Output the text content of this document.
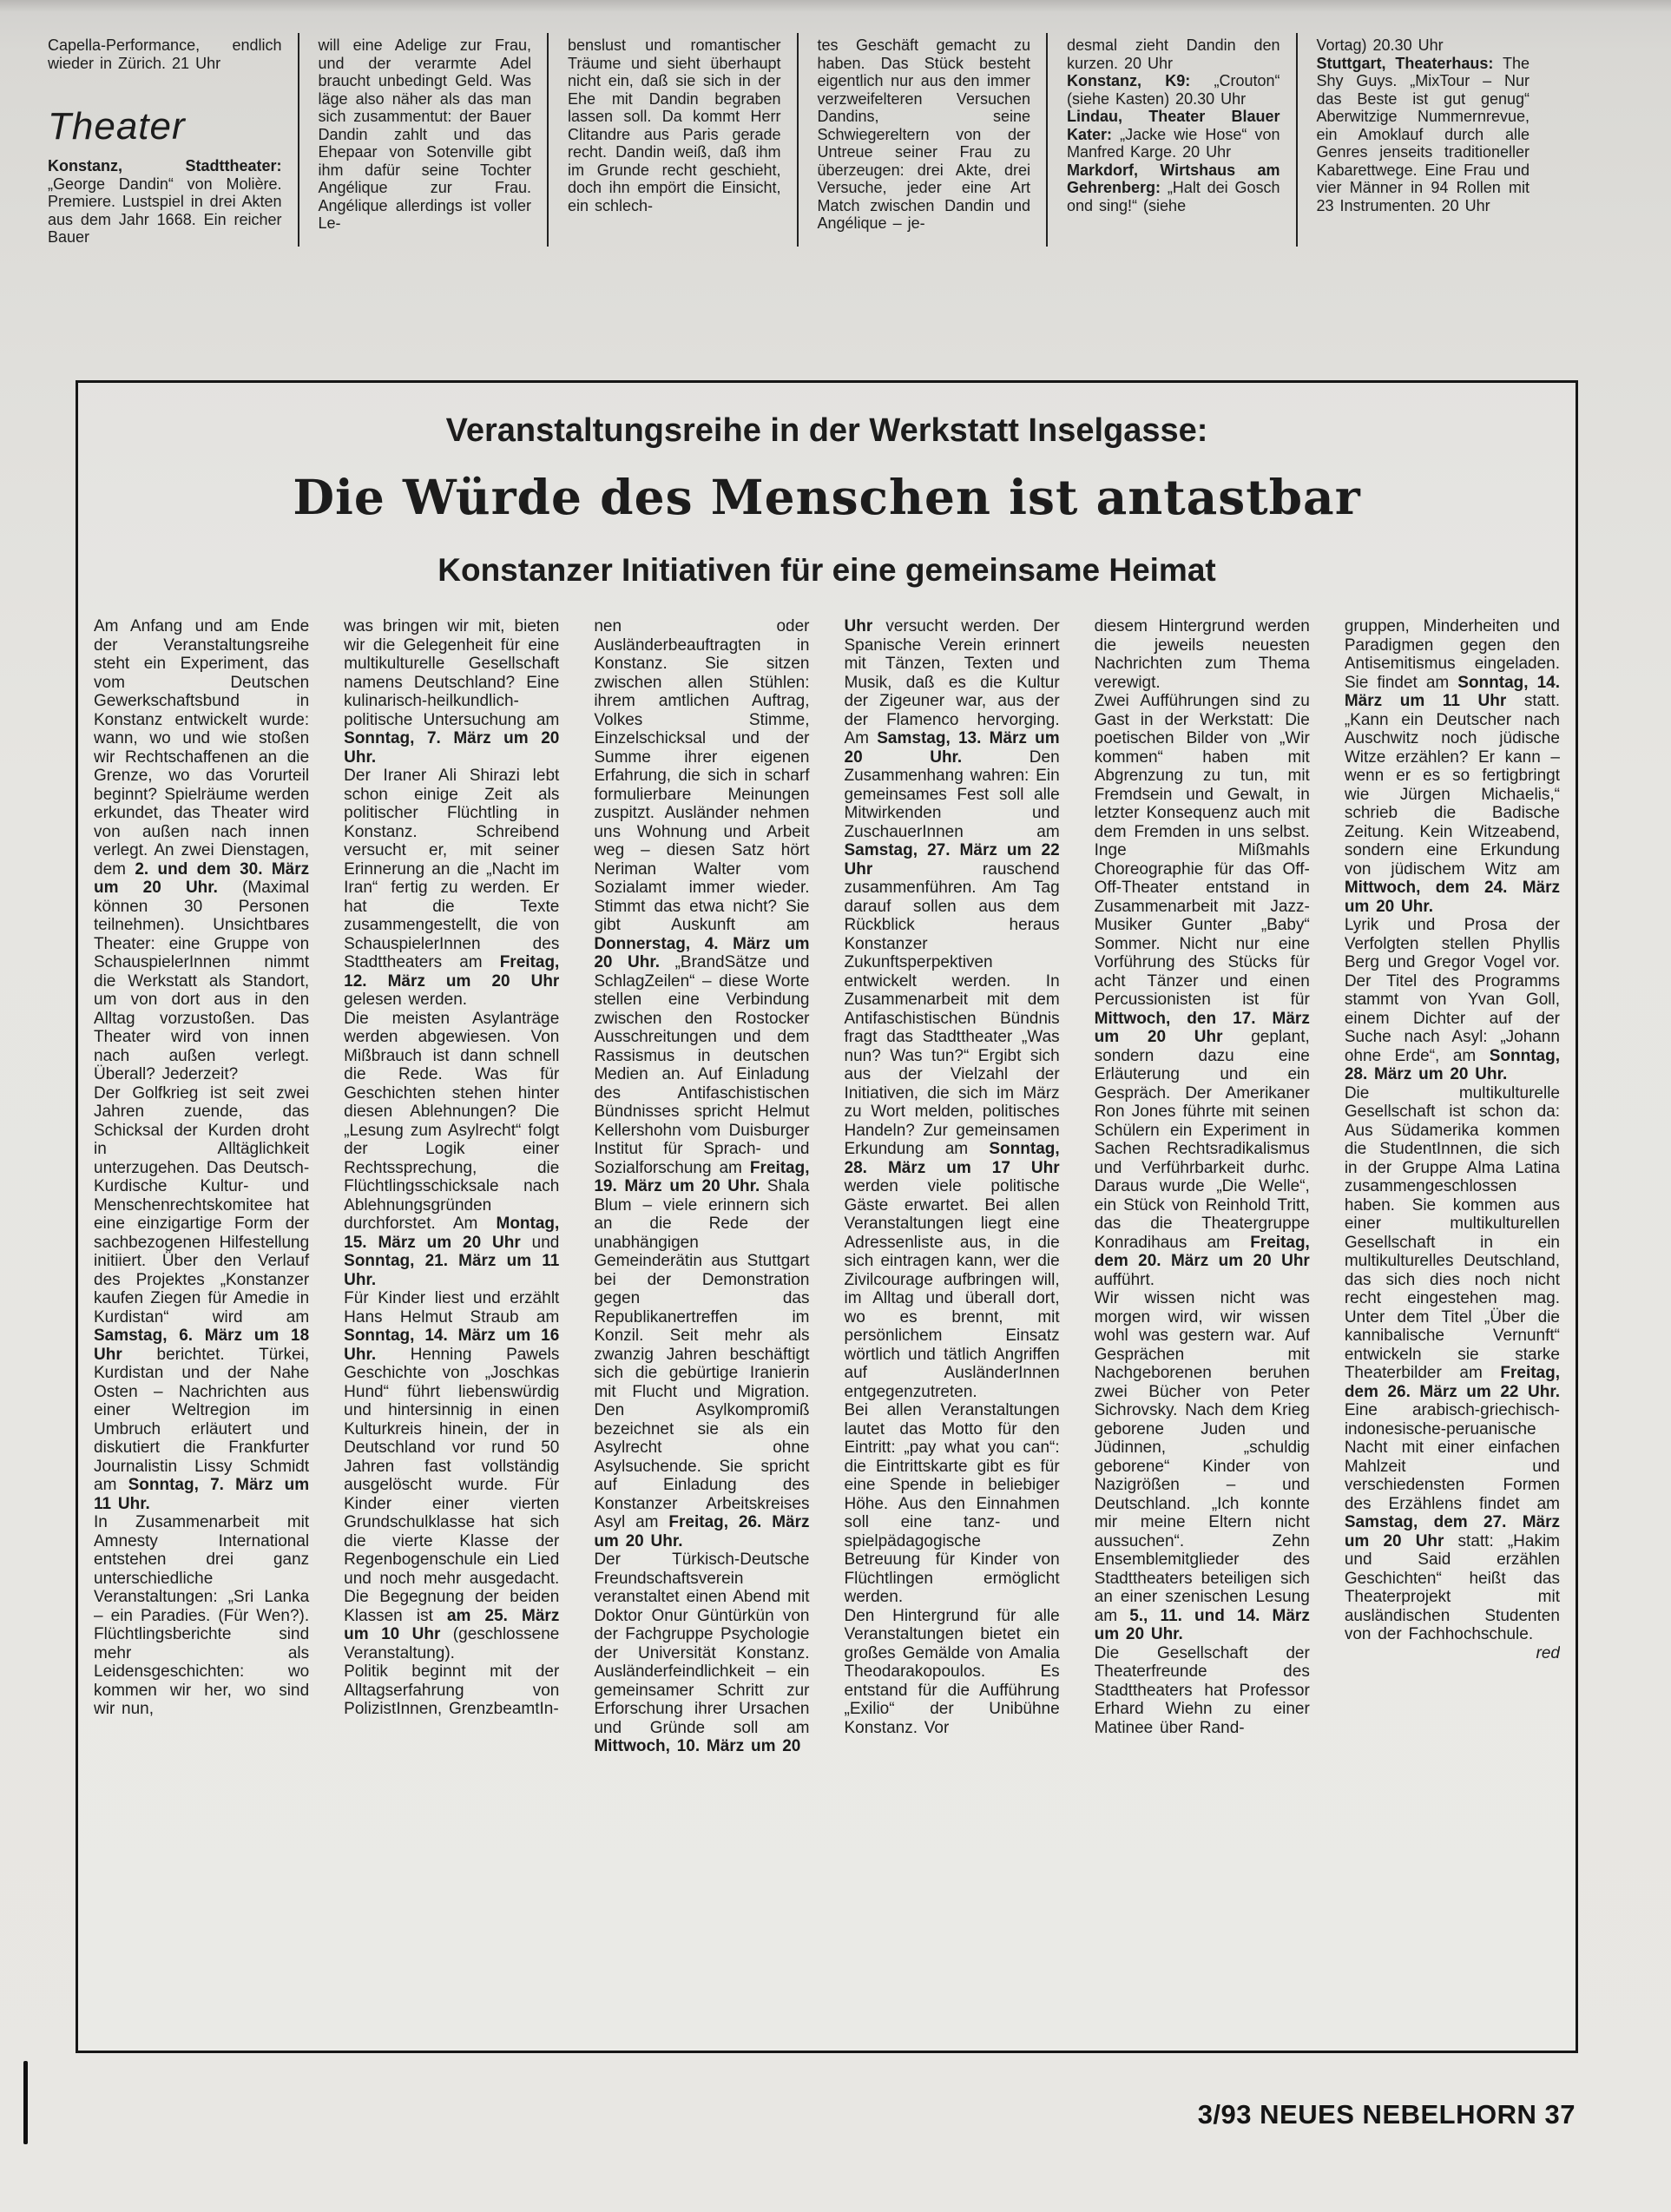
Capella-Performance, endlich wieder in Zürich. 21 Uhr

Theater

Konstanz, Stadttheater: „George Dandin“ von Molière. Premiere. Lustspiel in drei Akten aus dem Jahr 1668. Ein reicher Bauer

will eine Adelige zur Frau, und der verarmte Adel braucht unbedingt Geld. Was läge also näher als das man sich zusammentut: der Bauer Dandin zahlt und das Ehepaar von Sotenville gibt ihm dafür seine Tochter Angélique zur Frau. Angélique allerdings ist voller Le-

benslust und romantischer Träume und sieht überhaupt nicht ein, daß sie sich in der Ehe mit Dandin begraben lassen soll. Da kommt Herr Clitandre aus Paris gerade recht. Dandin weiß, daß ihm im Grunde recht geschieht, doch ihn empört die Einsicht, ein schlech-

tes Geschäft gemacht zu haben. Das Stück besteht eigentlich nur aus den immer verzweifelteren Versuchen Dandins, seine Schwiegereltern von der Untreue seiner Frau zu überzeugen: drei Akte, drei Versuche, jeder eine Art Match zwischen Dandin und Angélique – je-

desmal zieht Dandin den kurzen. 20 Uhr

Konstanz, K9: „Crouton“ (siehe Kasten) 20.30 Uhr

Lindau, Theater Blauer Kater: „Jacke wie Hose“ von Manfred Karge. 20 Uhr

Markdorf, Wirtshaus am Gehrenberg: „Halt dei Gosch ond sing!“ (siehe

Vortag) 20.30 Uhr

Stuttgart, Theaterhaus: The Shy Guys. „MixTour – Nur das Beste ist gut genug“ Aberwitzige Nummernrevue, ein Amoklauf durch alle Genres jenseits traditioneller Kabarettwege. Eine Frau und vier Männer in 94 Rollen mit 23 Instrumenten. 20 Uhr

Veranstaltungsreihe in der Werkstatt Inselgasse:
Die Würde des Menschen ist antastbar
Konstanzer Initiativen für eine gemeinsame Heimat

Am Anfang und am Ende der Veranstaltungsreihe steht ein Experiment, das vom Deutschen Gewerkschaftsbund in Konstanz entwickelt wurde: wann, wo und wie stoßen wir Rechtschaffenen an die Grenze, wo das Vorurteil beginnt? Spielräume werden erkundet, das Theater wird von außen nach innen verlegt. An zwei Dienstagen, dem 2. und dem 30. März um 20 Uhr. (Maximal können 30 Personen teilnehmen). Unsichtbares Theater: eine Gruppe von SchauspielerInnen nimmt die Werkstatt als Standort, um von dort aus in den Alltag vorzustoßen. Das Theater wird von innen nach außen verlegt. Überall? Jederzeit?

Der Golfkrieg ist seit zwei Jahren zuende, das Schicksal der Kurden droht in Alltäglichkeit unterzugehen. Das Deutsch-Kurdische Kultur- und Menschenrechtskomitee hat eine einzigartige Form der sachbezogenen Hilfestellung initiiert. Über den Verlauf des Projektes „Konstanzer kaufen Ziegen für Amedie in Kurdistan“ wird am Samstag, 6. März um 18 Uhr berichtet. Türkei, Kurdistan und der Nahe Osten – Nachrichten aus einer Weltregion im Umbruch erläutert und diskutiert die Frankfurter Journalistin Lissy Schmidt am Sonntag, 7. März um 11 Uhr.

In Zusammenarbeit mit Amnesty International entstehen drei ganz unterschiedliche Veranstaltungen: „Sri Lanka – ein Paradies. (Für Wen?). Flüchtlingsberichte sind mehr als Leidensgeschichten: wo kommen wir her, wo sind wir nun,

was bringen wir mit, bieten wir die Gelegenheit für eine multikulturelle Gesellschaft namens Deutschland? Eine kulinarisch-heilkundlich-politische Untersuchung am Sonntag, 7. März um 20 Uhr.

Der Iraner Ali Shirazi lebt schon einige Zeit als politischer Flüchtling in Konstanz. Schreibend versucht er, mit seiner Erinnerung an die „Nacht im Iran“ fertig zu werden. Er hat die Texte zusammengestellt, die von SchauspielerInnen des Stadttheaters am Freitag, 12. März um 20 Uhr gelesen werden.

Die meisten Asylanträge werden abgewiesen. Von Mißbrauch ist dann schnell die Rede. Was für Geschichten stehen hinter diesen Ablehnungen? Die „Lesung zum Asylrecht“ folgt der Logik einer Rechtssprechung, die Flüchtlingsschicksale nach Ablehnungsgründen durchforstet. Am Montag, 15. März um 20 Uhr und Sonntag, 21. März um 11 Uhr.

Für Kinder liest und erzählt Hans Helmut Straub am Sonntag, 14. März um 16 Uhr. Henning Pawels Geschichte von „Joschkas Hund“ führt liebenswürdig und hintersinnig in einen Kulturkreis hinein, der in Deutschland vor rund 50 Jahren fast vollständig ausgelöscht wurde. Für Kinder einer vierten Grundschulklasse hat sich die vierte Klasse der Regenbogenschule ein Lied und noch mehr ausgedacht. Die Begegnung der beiden Klassen ist am 25. März um 10 Uhr (geschlossene Veranstaltung).

Politik beginnt mit der Alltagserfahrung von PolizistInnen, GrenzbeamtIn-

nen oder Ausländerbeauftragten in Konstanz. Sie sitzen zwischen allen Stühlen: ihrem amtlichen Auftrag, Volkes Stimme, Einzelschicksal und der Summe ihrer eigenen Erfahrung, die sich in scharf formulierbare Meinungen zuspitzt. Ausländer nehmen uns Wohnung und Arbeit weg – diesen Satz hört Neriman Walter vom Sozialamt immer wieder. Stimmt das etwa nicht? Sie gibt Auskunft am Donnerstag, 4. März um 20 Uhr. „BrandSätze und SchlagZeilen“ – diese Worte stellen eine Verbindung zwischen den Rostocker Ausschreitungen und dem Rassismus in deutschen Medien an. Auf Einladung des Antifaschistischen Bündnisses spricht Helmut Kellershohn vom Duisburger Institut für Sprach- und Sozialforschung am Freitag, 19. März um 20 Uhr. Shala Blum – viele erinnern sich an die Rede der unabhängigen Gemeinderätin aus Stuttgart bei der Demonstration gegen das Republikanertreffen im Konzil. Seit mehr als zwanzig Jahren beschäftigt sich die gebürtige Iranierin mit Flucht und Migration. Den Asylkompromiß bezeichnet sie als ein Asylrecht ohne Asylsuchende. Sie spricht auf Einladung des Konstanzer Arbeitskreises Asyl am Freitag, 26. März um 20 Uhr.

Der Türkisch-Deutsche Freundschaftsverein veranstaltet einen Abend mit Doktor Onur Güntürkün von der Fachgruppe Psychologie der Universität Konstanz. Ausländerfeindlichkeit – ein gemeinsamer Schritt zur Erforschung ihrer Ursachen und Gründe soll am Mittwoch, 10. März um 20

Uhr versucht werden. Der Spanische Verein erinnert mit Tänzen, Texten und Musik, daß es die Kultur der Zigeuner war, aus der der Flamenco hervorging. Am Samstag, 13. März um 20 Uhr. Den Zusammenhang wahren: Ein gemeinsames Fest soll alle Mitwirkenden und ZuschauerInnen am Samstag, 27. März um 22 Uhr rauschend zusammenführen. Am Tag darauf sollen aus dem Rückblick heraus Konstanzer Zukunftsperpektiven entwickelt werden. In Zusammenarbeit mit dem Antifaschistischen Bündnis fragt das Stadttheater „Was nun? Was tun?“ Ergibt sich aus der Vielzahl der Initiativen, die sich im März zu Wort melden, politisches Handeln? Zur gemeinsamen Erkundung am Sonntag, 28. März um 17 Uhr werden viele politische Gäste erwartet. Bei allen Veranstaltungen liegt eine Adressenliste aus, in die sich eintragen kann, wer die Zivilcourage aufbringen will, im Alltag und überall dort, wo es brennt, mit persönlichem Einsatz wörtlich und tätlich Angriffen auf AusländerInnen entgegenzutreten.

Bei allen Veranstaltungen lautet das Motto für den Eintritt: „pay what you can“: die Eintrittskarte gibt es für eine Spende in beliebiger Höhe. Aus den Einnahmen soll eine tanz- und spielpädagogische Betreuung für Kinder von Flüchtlingen ermöglicht werden.

Den Hintergrund für alle Veranstaltungen bietet ein großes Gemälde von Amalia Theodarakopoulos. Es entstand für die Aufführung „Exilio“ der Unibühne Konstanz. Vor

diesem Hintergrund werden die jeweils neuesten Nachrichten zum Thema verewigt.

Zwei Aufführungen sind zu Gast in der Werkstatt: Die poetischen Bilder von „Wir kommen“ haben mit Abgrenzung zu tun, mit Fremdsein und Gewalt, in letzter Konsequenz auch mit dem Fremden in uns selbst. Inge Mißmahls Choreographie für das Off-Off-Theater entstand in Zusammenarbeit mit Jazz-Musiker Gunter „Baby“ Sommer. Nicht nur eine Vorführung des Stücks für acht Tänzer und einen Percussionisten ist für Mittwoch, den 17. März um 20 Uhr geplant, sondern dazu eine Erläuterung und ein Gespräch. Der Amerikaner Ron Jones führte mit seinen Schülern ein Experiment in Sachen Rechtsradikalismus und Verführbarkeit durhc. Daraus wurde „Die Welle“, ein Stück von Reinhold Tritt, das die Theatergruppe Konradihaus am Freitag, dem 20. März um 20 Uhr aufführt.

Wir wissen nicht was morgen wird, wir wissen wohl was gestern war. Auf Gesprächen mit Nachgeborenen beruhen zwei Bücher von Peter Sichrovsky. Nach dem Krieg geborene Juden und Jüdinnen, „schuldig geborene“ Kinder von Nazigrößen – und Deutschland. „Ich konnte mir meine Eltern nicht aussuchen“. Zehn Ensemblemitglieder des Stadttheaters beteiligen sich an einer szenischen Lesung am 5., 11. und 14. März um 20 Uhr.

Die Gesellschaft der Theaterfreunde des Stadttheaters hat Professor Erhard Wiehn zu einer Matinee über Rand-

gruppen, Minderheiten und Paradigmen gegen den Antisemitismus eingeladen. Sie findet am Sonntag, 14. März um 11 Uhr statt. „Kann ein Deutscher nach Auschwitz noch jüdische Witze erzählen? Er kann – wenn er es so fertigbringt wie Jürgen Michaelis,“ schrieb die Badische Zeitung. Kein Witzeabend, sondern eine Erkundung von jüdischem Witz am Mittwoch, dem 24. März um 20 Uhr.

Lyrik und Prosa der Verfolgten stellen Phyllis Berg und Gregor Vogel vor. Der Titel des Programms stammt von Yvan Goll, einem Dichter auf der Suche nach Asyl: „Johann ohne Erde“, am Sonntag, 28. März um 20 Uhr.

Die multikulturelle Gesellschaft ist schon da: Aus Südamerika kommen die StudentInnen, die sich in der Gruppe Alma Latina zusammengeschlossen haben. Sie kommen aus einer multikulturellen Gesellschaft in ein multikulturelles Deutschland, das sich dies noch nicht recht eingestehen mag. Unter dem Titel „Über die kannibalische Vernunft“ entwickeln sie starke Theaterbilder am Freitag, dem 26. März um 22 Uhr. Eine arabisch-griechisch-indonesische-peruanische Nacht mit einer einfachen Mahlzeit und verschiedensten Formen des Erzählens findet am Samstag, dem 27. März um 20 Uhr statt: „Hakim und Said erzählen Geschichten“ heißt das Theaterprojekt mit ausländischen Studenten von der Fachhochschule.

red

3/93 NEUES NEBELHORN 37
